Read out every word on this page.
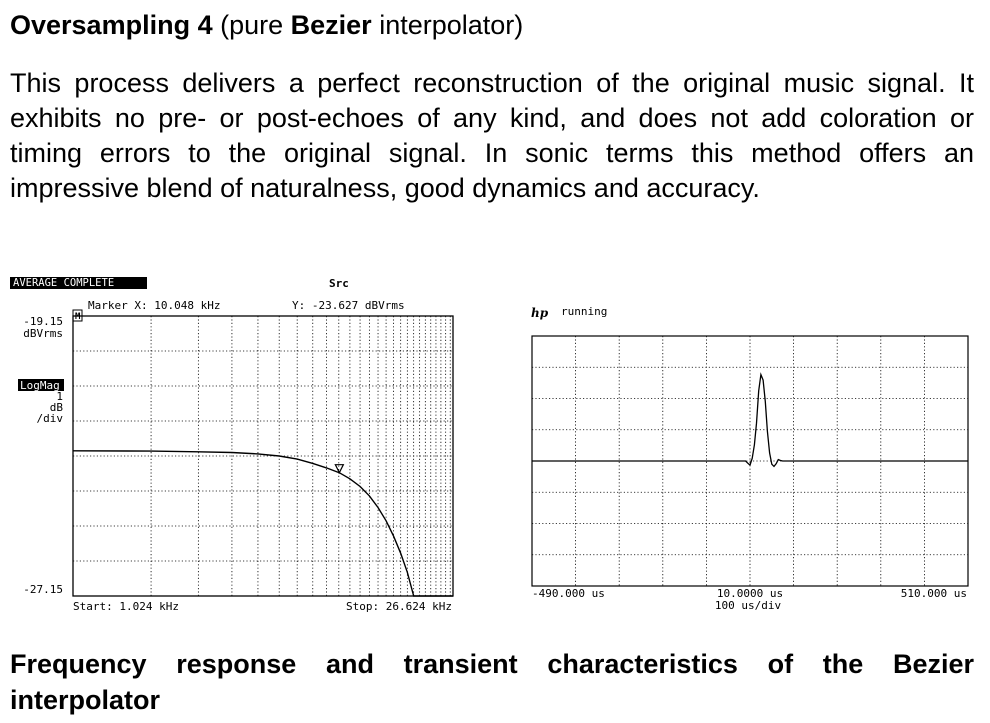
Oversampling 4 (pure Bezier interpolator)
This process delivers a perfect reconstruction of the original music signal. It exhibits no pre- or post-echoes of any kind, and does not add coloration or timing errors to the original signal. In sonic terms this method offers an impressive blend of naturalness, good dynamics and accuracy.
AVERAGE COMPLETE	Src
M
Marker X: 10.048 kHz	Y: -23.627 dBVrms
-19.15
dBVrms
LogMag
1
dB
/div
-27.15
Start: 1.024 kHz	Stop: 26.624 kHz
hp running
-490.000 us	10.0000 us
100 us/div
510.000 us
Frequency response and transient characteristics of the Bezier interpolator
